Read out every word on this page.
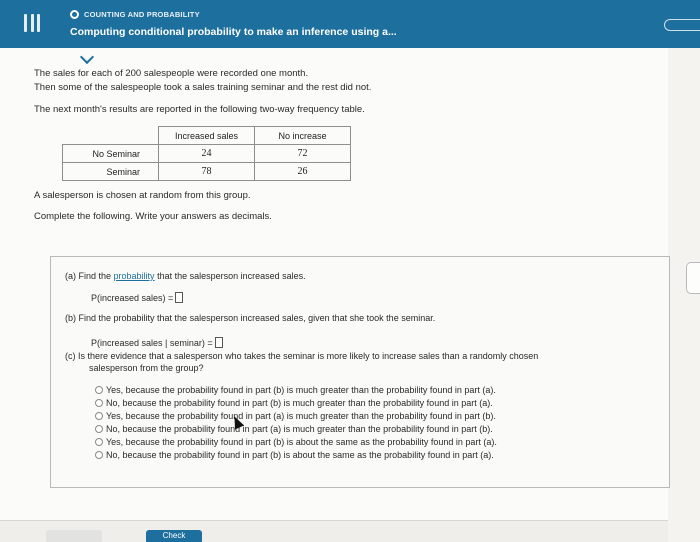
COUNTING AND PROBABILITY
Computing conditional probability to make an inference using a...
The sales for each of 200 salespeople were recorded one month.
Then some of the salespeople took a sales training seminar and the rest did not.
The next month's results are reported in the following two-way frequency table.
	Increased sales	No increase
No Seminar	24	72
Seminar	78	26
A salesperson is chosen at random from this group.
Complete the following. Write your answers as decimals.
(a) Find the probability that the salesperson increased sales.
P(increased sales) =
(b) Find the probability that the salesperson increased sales, given that she took the seminar.
P(increased sales | seminar) =
(c) Is there evidence that a salesperson who takes the seminar is more likely to increase sales than a randomly chosen
salesperson from the group?
Yes, because the probability found in part (b) is much greater than the probability found in part (a).
No, because the probability found in part (b) is much greater than the probability found in part (a).
Yes, because the probability found in part (a) is much greater than the probability found in part (b).
No, because the probability found in part (a) is much greater than the probability found in part (b).
Yes, because the probability found in part (b) is about the same as the probability found in part (a).
No, because the probability found in part (b) is about the same as the probability found in part (a).
Check
